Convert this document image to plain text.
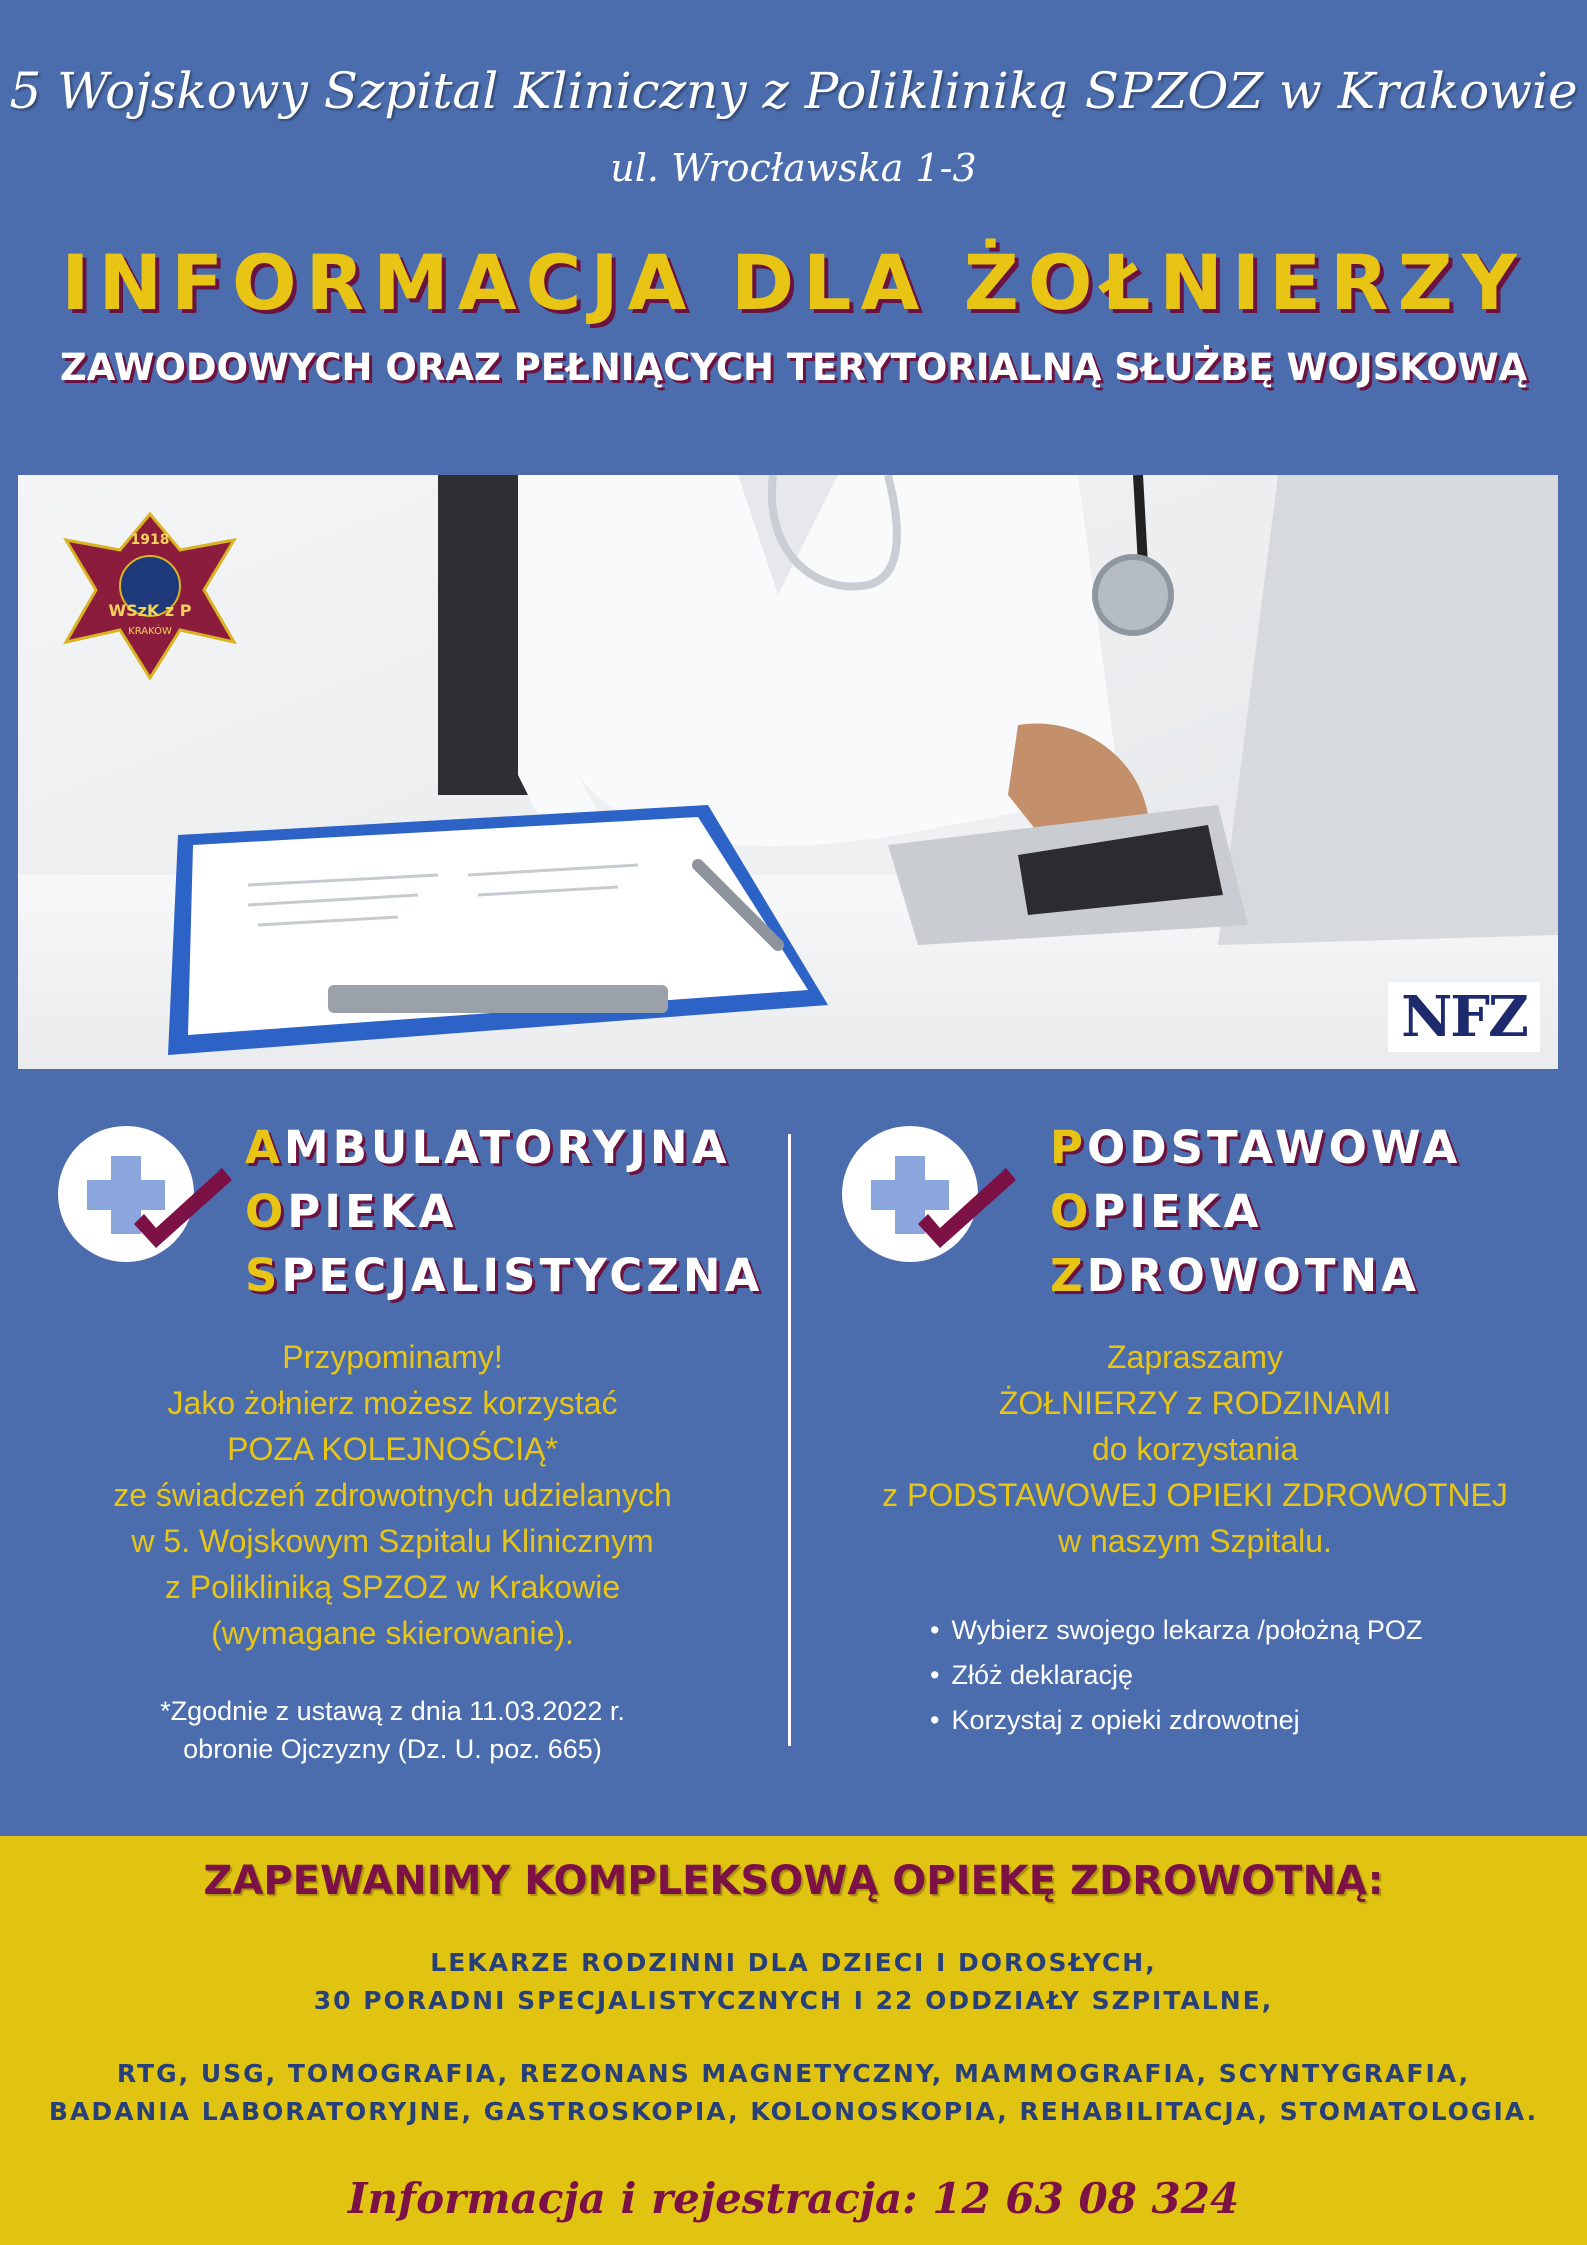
5 Wojskowy Szpital Kliniczny z Polikliniką SPZOZ w Krakowie
ul. Wrocławska 1-3
INFORMACJA DLA ŻOŁNIERZY
ZAWODOWYCH ORAZ PEŁNIĄCYCH TERYTORIALNĄ SŁUŻBĘ WOJSKOWĄ
1918
WSzK z P
KRAKÓW
NFZ
AMBULATORYJNA
OPIEKA
SPECJALISTYCZNA
Przypominamy!
Jako żołnierz możesz korzystać
POZA KOLEJNOŚCIĄ*
ze świadczeń zdrowotnych udzielanych
w 5. Wojskowym Szpitalu Klinicznym
z Polikliniką SPZOZ w Krakowie
(wymagane skierowanie).
*Zgodnie z ustawą z dnia 11.03.2022 r.
obronie Ojczyzny (Dz. U. poz. 665)
PODSTAWOWA
OPIEKA
ZDROWOTNA
Zapraszamy
ŻOŁNIERZY z RODZINAMI
do korzystania
z PODSTAWOWEJ OPIEKI ZDROWOTNEJ
w naszym Szpitalu.
• Wybierz swojego lekarza /położną POZ
• Złóż deklarację
• Korzystaj z opieki zdrowotnej
ZAPEWANIMY KOMPLEKSOWĄ OPIEKĘ ZDROWOTNĄ:
LEKARZE RODZINNI DLA DZIECI I DOROSŁYCH,
30 PORADNI SPECJALISTYCZNYCH I 22 ODDZIAŁY SZPITALNE,
RTG, USG, TOMOGRAFIA, REZONANS MAGNETYCZNY, MAMMOGRAFIA, SCYNTYGRAFIA,
BADANIA LABORATORYJNE, GASTROSKOPIA, KOLONOSKOPIA, REHABILITACJA, STOMATOLOGIA.
Informacja i rejestracja: 12 63 08 324
